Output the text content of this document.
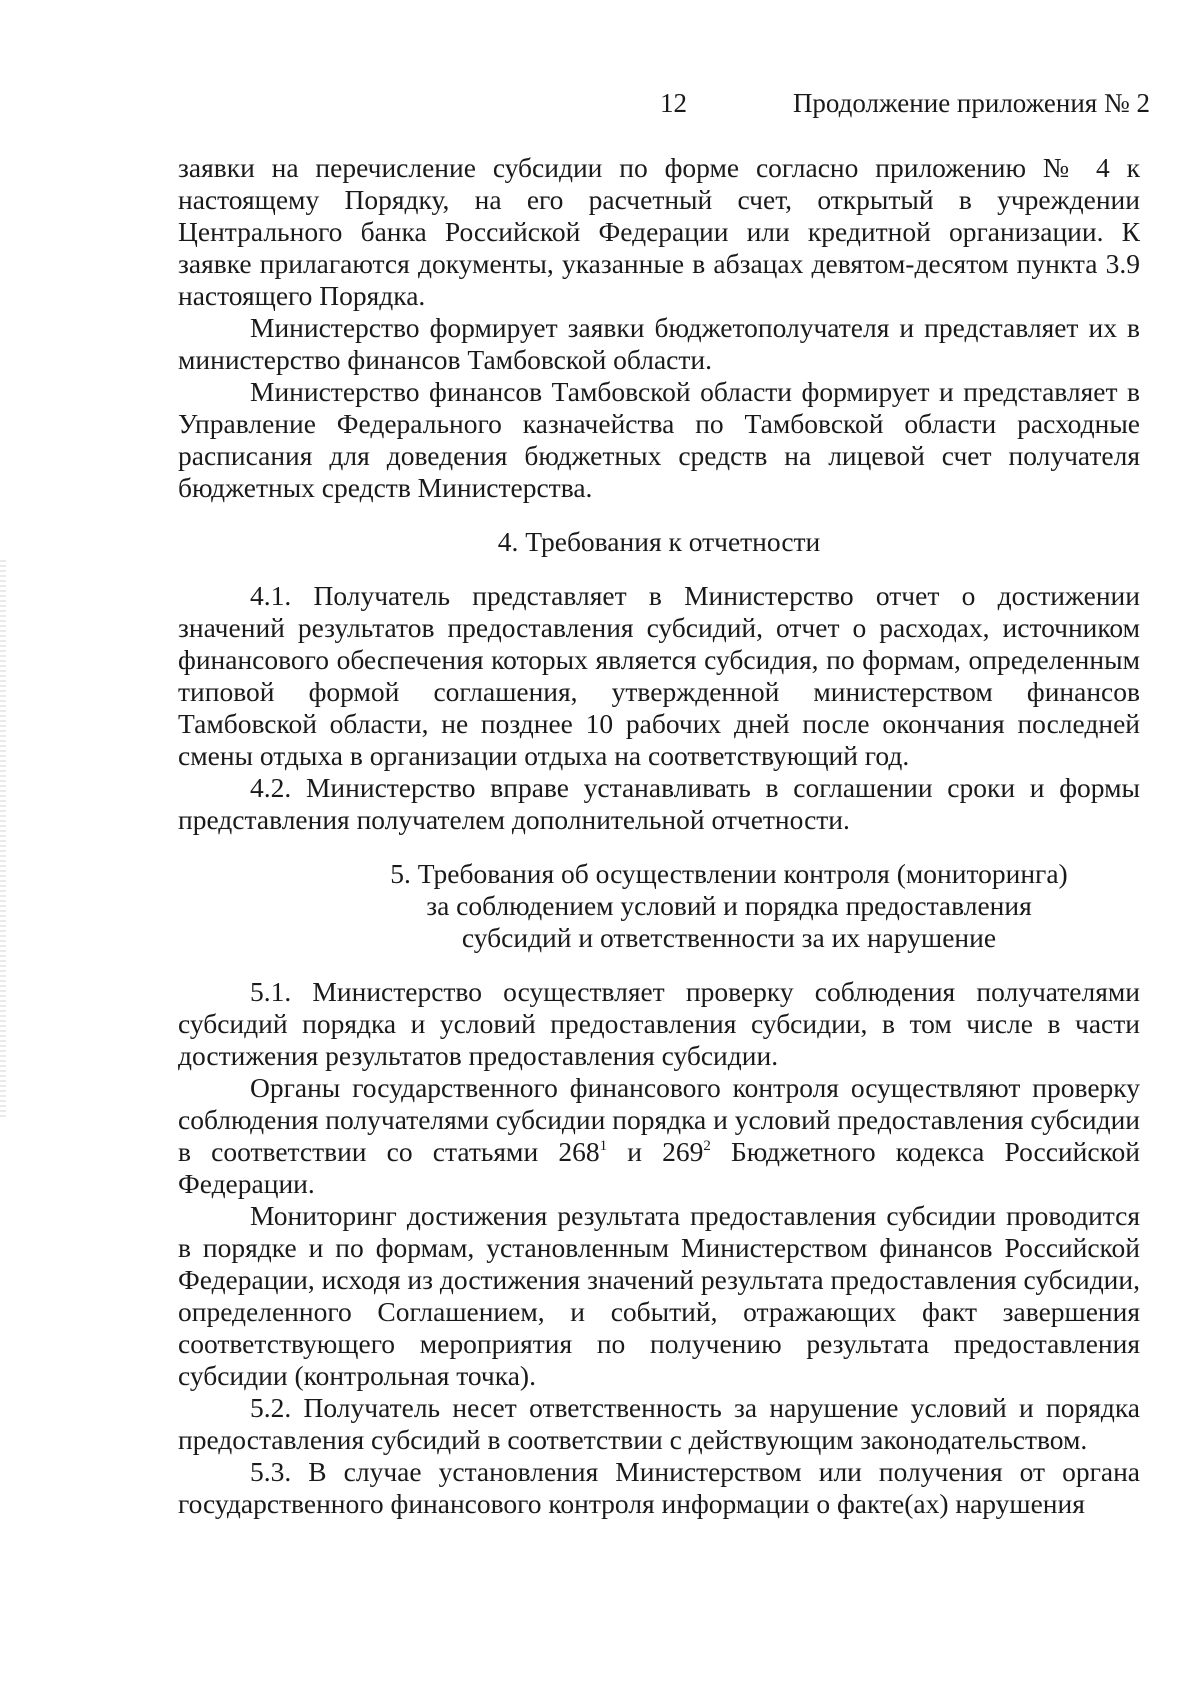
12	Продолжение приложения № 2

заявки на перечисление субсидии по форме согласно приложению № 4 к настоящему Порядку, на его расчетный счет, открытый в учреждении Центрального банка Российской Федерации или кредитной организации. К заявке прилагаются документы, указанные в абзацах девятом-десятом пункта 3.9 настоящего Порядка.

Министерство формирует заявки бюджетополучателя и представляет их в министерство финансов Тамбовской области.

Министерство финансов Тамбовской области формирует и представляет в Управление Федерального казначейства по Тамбовской области расходные расписания для доведения бюджетных средств на лицевой счет получателя бюджетных средств Министерства.

4. Требования к отчетности

4.1. Получатель представляет в Министерство отчет о достижении значений результатов предоставления субсидий, отчет о расходах, источником финансового обеспечения которых является субсидия, по формам, определенным типовой формой соглашения, утвержденной министерством финансов Тамбовской области, не позднее 10 рабочих дней после окончания последней смены отдыха в организации отдыха на соответствующий год.

4.2. Министерство вправе устанавливать в соглашении сроки и формы представления получателем дополнительной отчетности.

5. Требования об осуществлении контроля (мониторинга)
за соблюдением условий и порядка предоставления
субсидий и ответственности за их нарушение

5.1. Министерство осуществляет проверку соблюдения получателями субсидий порядка и условий предоставления субсидии, в том числе в части достижения результатов предоставления субсидии.

Органы государственного финансового контроля осуществляют проверку соблюдения получателями субсидии порядка и условий предоставления субсидии в соответствии со статьями $268^1$ и $269^2$ Бюджетного кодекса Российской Федерации.

Мониторинг достижения результата предоставления субсидии проводится в порядке и по формам, установленным Министерством финансов Российской Федерации, исходя из достижения значений результата предоставления субсидии, определенного Соглашением, и событий, отражающих факт завершения соответствующего мероприятия по получению результата предоставления субсидии (контрольная точка).

5.2. Получатель несет ответственность за нарушение условий и порядка предоставления субсидий в соответствии с действующим законодательством.

5.3. В случае установления Министерством или получения от органа государственного финансового контроля информации о факте(ах) нарушения
